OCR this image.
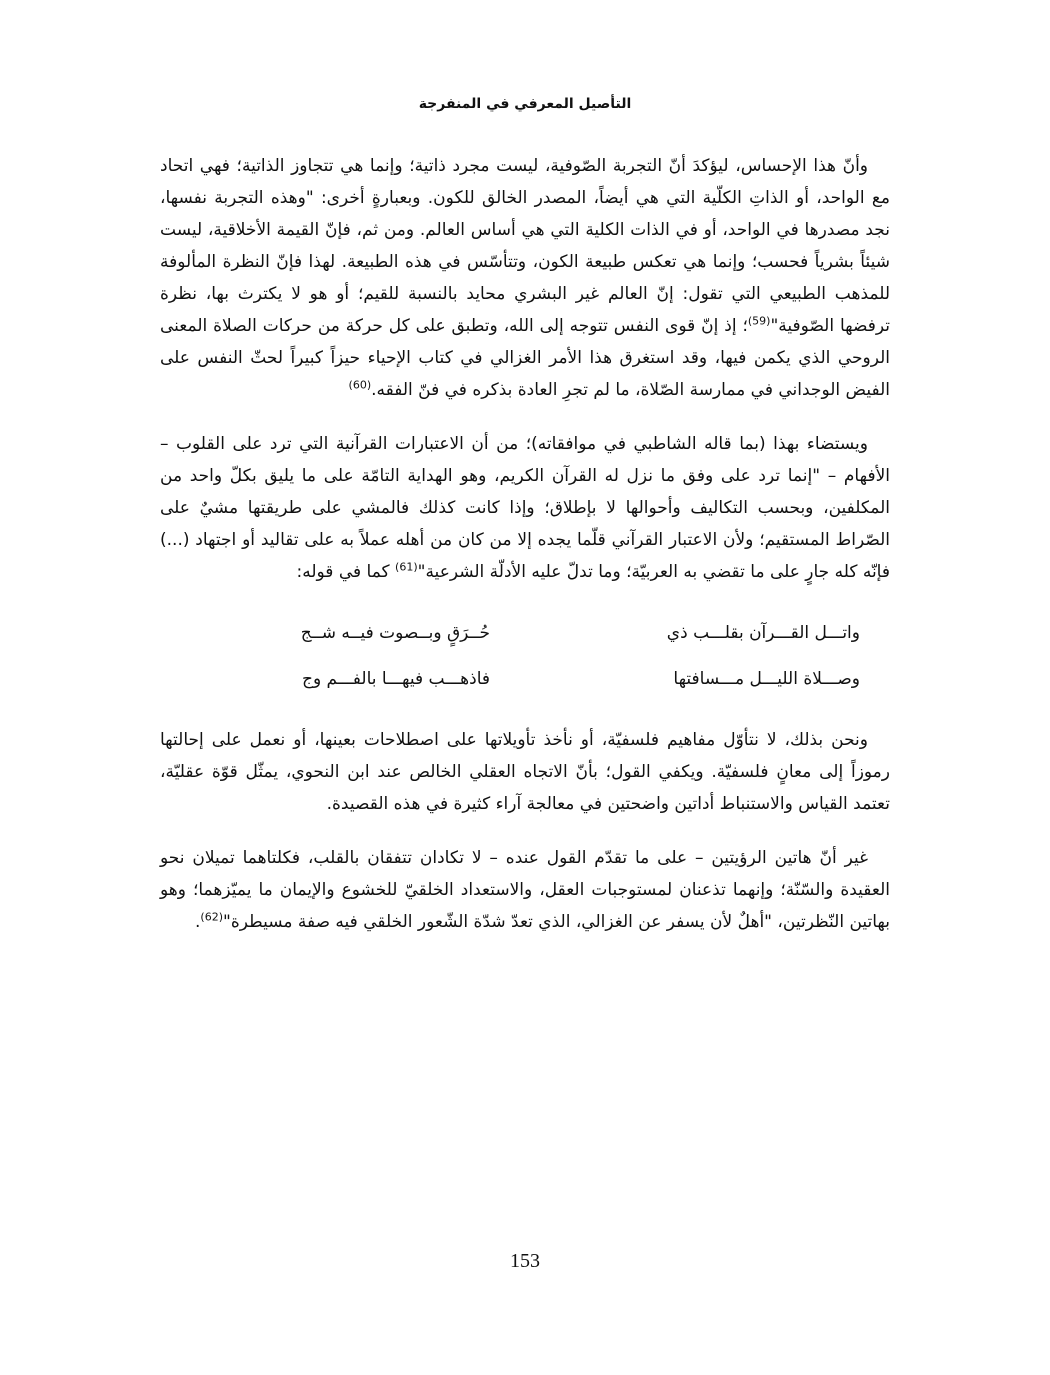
التأصيل المعرفي في المنفرجة

وأنّ هذا الإحساس، ليؤكدَ أنّ التجربة الصّوفية، ليست مجرد ذاتية؛ وإنما هي تتجاوز الذاتية؛ فهي اتحاد مع الواحد، أو الذاتِ الكلّية التي هي أيضاً، المصدر الخالق للكون. وبعبارةٍ أخرى: "وهذه التجربة نفسها، نجد مصدرها في الواحد، أو في الذات الكلية التي هي أساس العالم. ومن ثم، فإنّ القيمة الأخلاقية، ليست شيئاً بشرياً فحسب؛ وإنما هي تعكس طبيعة الكون، وتتأسّس في هذه الطبيعة. لهذا فإنّ النظرة المألوفة للمذهب الطبيعي التي تقول: إنّ العالم غير البشري محايد بالنسبة للقيم؛ أو هو لا يكترث بها، نظرة ترفضها الصّوفية"$^{(59)}$؛ إذ إنّ قوى النفس تتوجه إلى الله، وتطبق على كل حركة من حركات الصلاة المعنى الروحي الذي يكمن فيها، وقد استغرق هذا الأمر الغزالي في كتاب الإحياء حيزاً كبيراً لحثّ النفس على الفيض الوجداني في ممارسة الصّلاة، ما لم تجرِ العادة بذكره في فنّ الفقه.$^{(60)}$

ويستضاء بهذا (بما قاله الشاطبي في موافقاته)؛ من أن الاعتبارات القرآنية التي ترد على القلوب – الأفهام – "إنما ترد على وفق ما نزل له القرآن الكريم، وهو الهداية التامّة على ما يليق بكلّ واحد من المكلفين، وبحسب التكاليف وأحوالها لا بإطلاق؛ وإذا كانت كذلك فالمشي على طريقتها مشيٌ على الصّراط المستقيم؛ ولأن الاعتبار القرآني قلّما يجده إلا من كان من أهله عملاً به على تقاليد أو اجتهاد (...) فإنّه كله جارٍ على ما تقضي به العربيّة؛ وما تدلّ عليه الأدلّة الشرعية"$^{(61)}$ كما في قوله:

واتـــل القـــرآن بقلـــب ذي
حُــرَقٍ وبــصوت فيــه شــج
وصـــلاة الليـــل مـــسافتها
فاذهـــب فيهـــا بالفـــم وج

ونحن بذلك، لا نتأوّل مفاهيم فلسفيّة، أو نأخذ تأويلاتها على اصطلاحات بعينها، أو نعمل على إحالتها رموزاً إلى معانٍ فلسفيّة. ويكفي القول؛ بأنّ الاتجاه العقلي الخالص عند ابن النحوي، يمثّل قوّة عقليّة، تعتمد القياس والاستنباط أداتين واضحتين في معالجة آراء كثيرة في هذه القصيدة.

غير أنّ هاتين الرؤيتين – على ما تقدّم القول عنده – لا تكادان تتفقان بالقلب، فكلتاهما تميلان نحو العقيدة والسّنّة؛ وإنهما تذعنان لمستوجبات العقل، والاستعداد الخلقيّ للخشوع والإيمان ما يميّزهما؛ وهو بهاتين النّظرتين، "أهلٌ لأن يسفر عن الغزالي، الذي تعدّ شدّة الشّعور الخلقي فيه صفة مسيطرة"$^{(62)}$.

153
